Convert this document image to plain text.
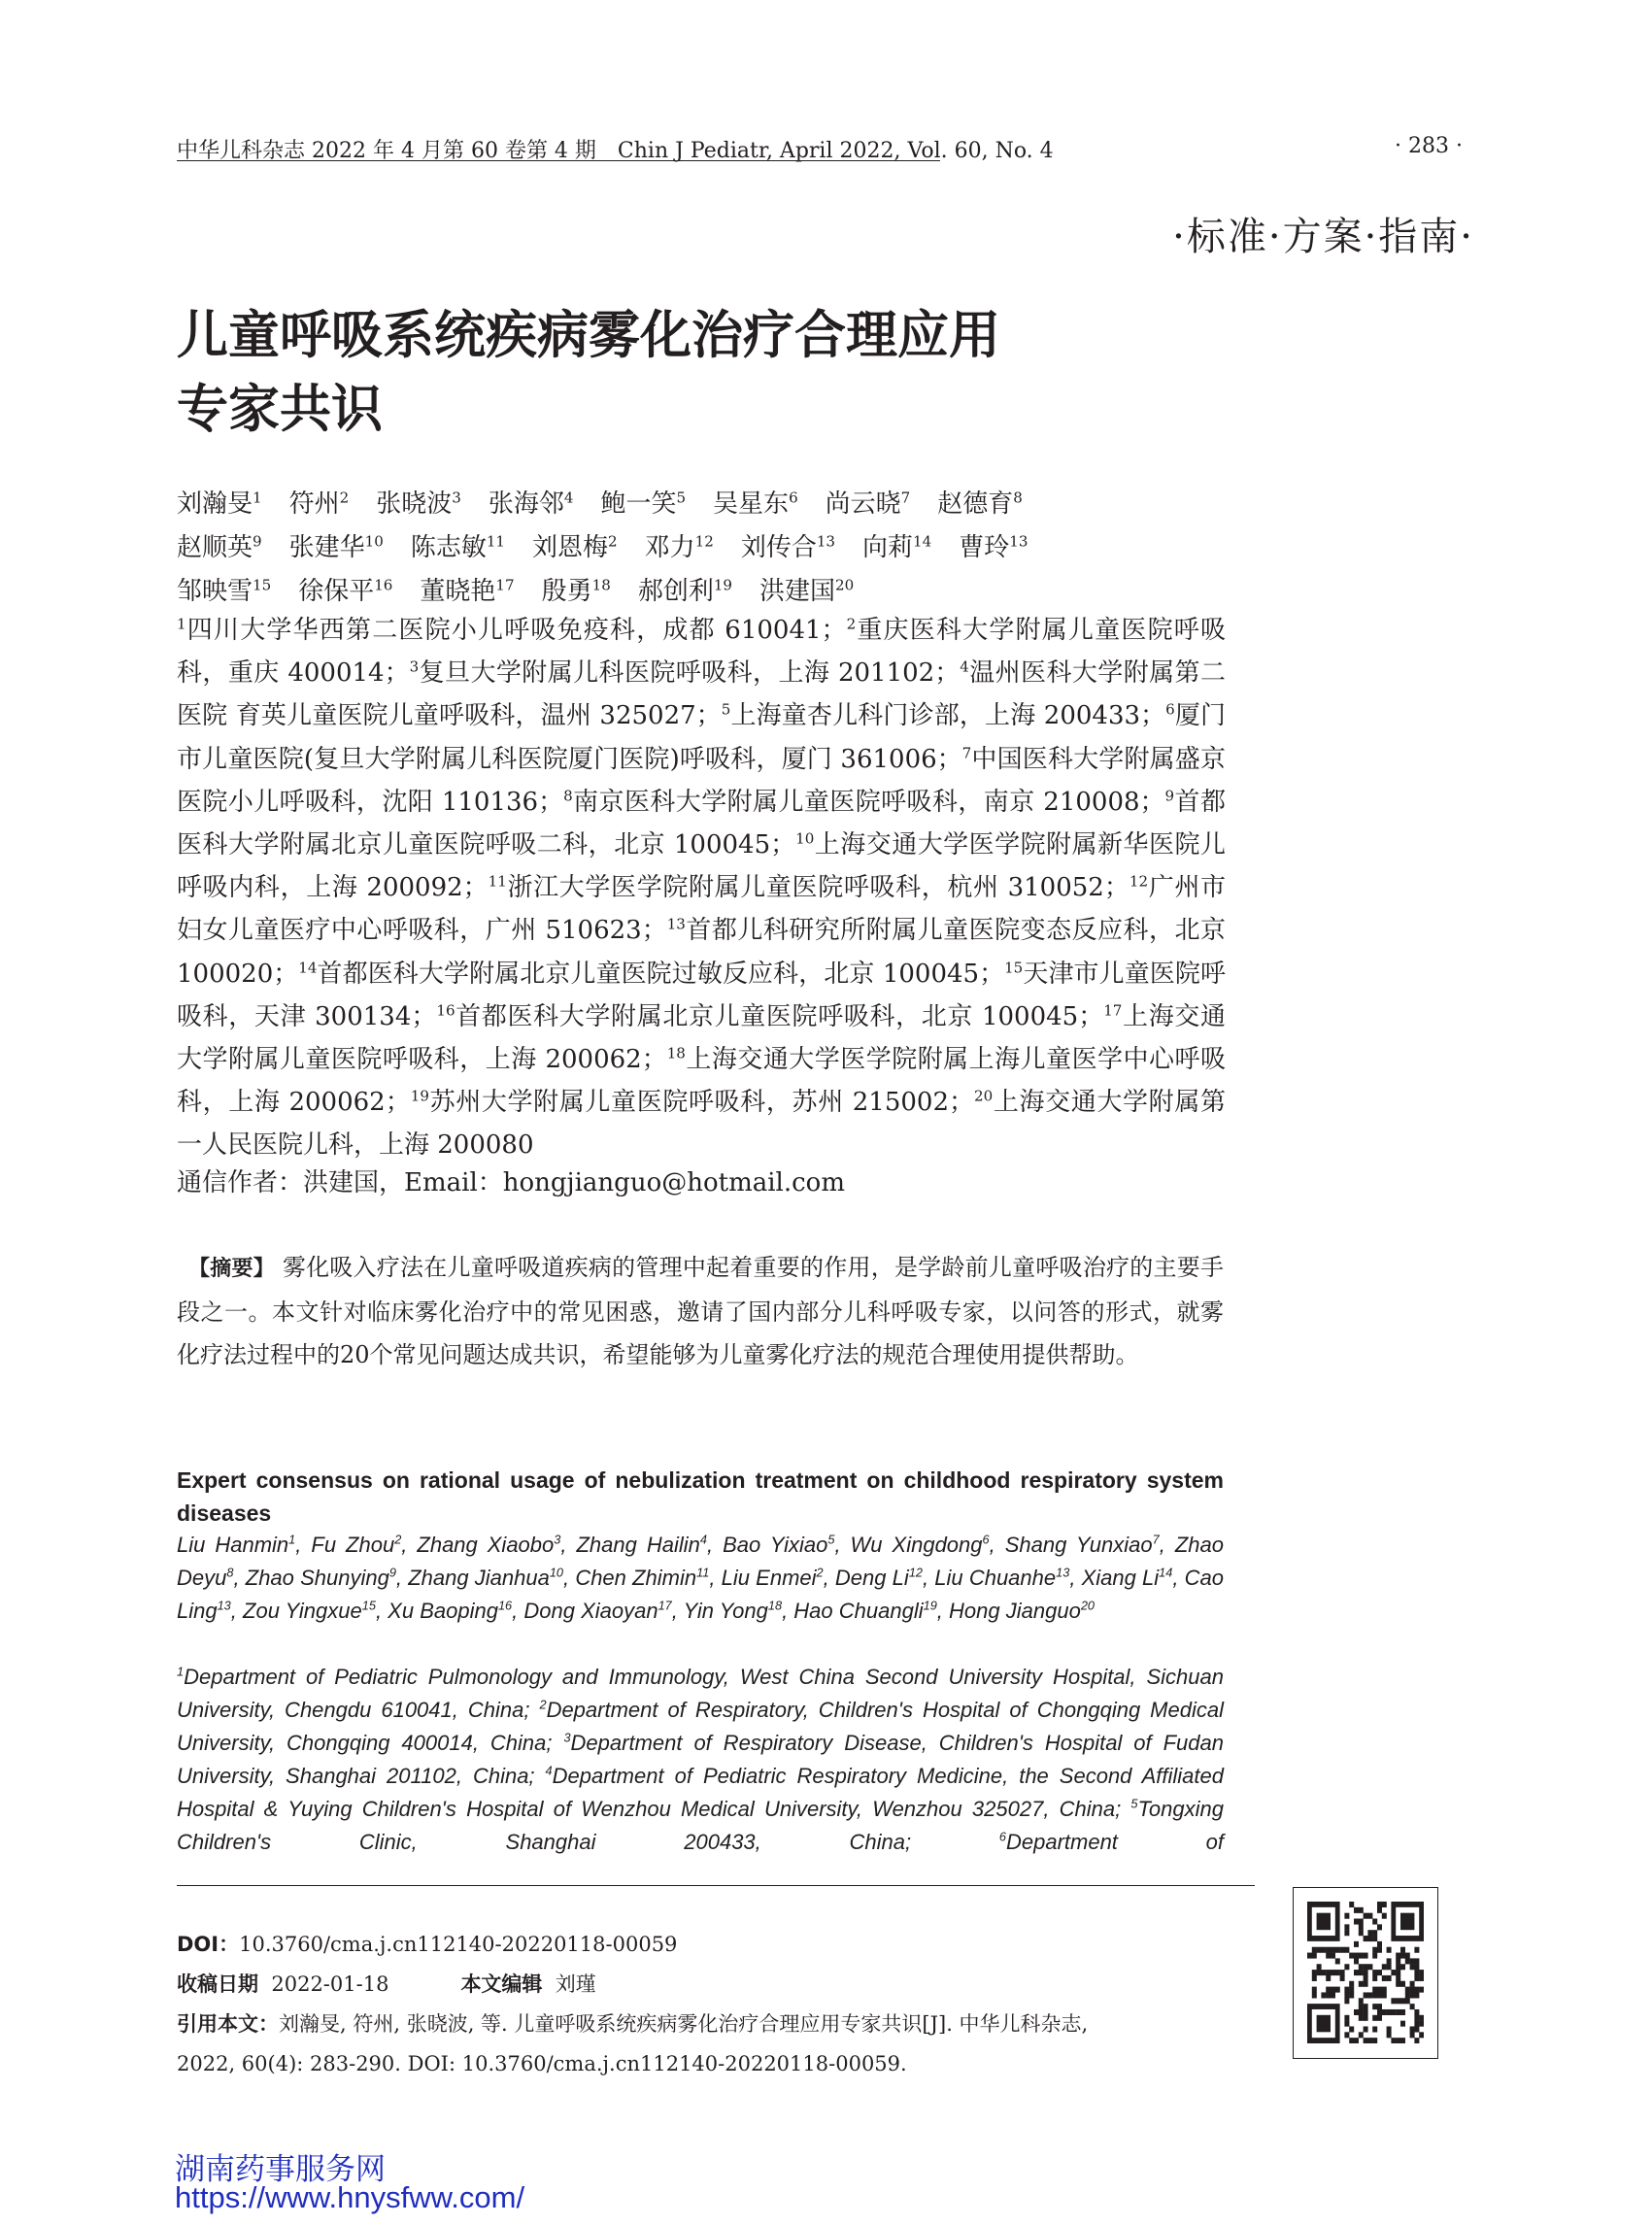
中华儿科杂志 2022 年 4 月第 60 卷第 4 期　Chin J Pediatr, April 2022, Vol. 60, No. 4	· 283 ·
·标准·方案·指南·
儿童呼吸系统疾病雾化治疗合理应用
专家共识
刘瀚旻$^1$ 符州$^2$ 张晓波$^3$ 张海邻$^4$ 鲍一笑$^5$ 吴星东$^6$ 尚云晓$^7$ 赵德育$^8$
赵顺英$^9$ 张建华$^{10}$ 陈志敏$^{11}$ 刘恩梅$^2$ 邓力$^{12}$ 刘传合$^{13}$ 向莉$^{14}$ 曹玲$^{13}$
邹映雪$^{15}$ 徐保平$^{16}$ 董晓艳$^{17}$ 殷勇$^{18}$ 郝创利$^{19}$ 洪建国$^{20}$
$^1$四川大学华西第二医院小儿呼吸免疫科，成都 610041；$^2$重庆医科大学附属儿童医院呼吸科，重庆 400014；$^3$复旦大学附属儿科医院呼吸科，上海 201102；$^4$温州医科大学附属第二医院 育英儿童医院儿童呼吸科，温州 325027；$^5$上海童杏儿科门诊部，上海 200433；$^6$厦门市儿童医院(复旦大学附属儿科医院厦门医院)呼吸科，厦门 361006；$^7$中国医科大学附属盛京医院小儿呼吸科，沈阳 110136；$^8$南京医科大学附属儿童医院呼吸科，南京 210008；$^9$首都医科大学附属北京儿童医院呼吸二科，北京 100045；$^{10}$上海交通大学医学院附属新华医院儿呼吸内科，上海 200092；$^{11}$浙江大学医学院附属儿童医院呼吸科，杭州 310052；$^{12}$广州市妇女儿童医疗中心呼吸科，广州 510623；$^{13}$首都儿科研究所附属儿童医院变态反应科，北京 100020；$^{14}$首都医科大学附属北京儿童医院过敏反应科，北京 100045；$^{15}$天津市儿童医院呼吸科，天津 300134；$^{16}$首都医科大学附属北京儿童医院呼吸科，北京 100045；$^{17}$上海交通大学附属儿童医院呼吸科，上海 200062；$^{18}$上海交通大学医学院附属上海儿童医学中心呼吸科，上海 200062；$^{19}$苏州大学附属儿童医院呼吸科，苏州 215002；$^{20}$上海交通大学附属第一人民医院儿科，上海 200080
通信作者：洪建国，Email：hongjianguo@hotmail.com
【摘要】 雾化吸入疗法在儿童呼吸道疾病的管理中起着重要的作用，是学龄前儿童呼吸治疗的主要手段之一。本文针对临床雾化治疗中的常见困惑，邀请了国内部分儿科呼吸专家，以问答的形式，就雾化疗法过程中的20个常见问题达成共识，希望能够为儿童雾化疗法的规范合理使用提供帮助。
Expert consensus on rational usage of nebulization treatment on childhood respiratory system diseases
Liu Hanmin$^1$, Fu Zhou$^2$, Zhang Xiaobo$^3$, Zhang Hailin$^4$, Bao Yixiao$^5$, Wu Xingdong$^6$, Shang Yunxiao$^7$, Zhao Deyu$^8$, Zhao Shunying$^9$, Zhang Jianhua$^{10}$, Chen Zhimin$^{11}$, Liu Enmei$^2$, Deng Li$^{12}$, Liu Chuanhe$^{13}$, Xiang Li$^{14}$, Cao Ling$^{13}$, Zou Yingxue$^{15}$, Xu Baoping$^{16}$, Dong Xiaoyan$^{17}$, Yin Yong$^{18}$, Hao Chuangli$^{19}$, Hong Jianguo$^{20}$
$^1$Department of Pediatric Pulmonology and Immunology, West China Second University Hospital, Sichuan University, Chengdu 610041, China; $^2$Department of Respiratory, Children's Hospital of Chongqing Medical University, Chongqing 400014, China; $^3$Department of Respiratory Disease, Children's Hospital of Fudan University, Shanghai 201102, China; $^4$Department of Pediatric Respiratory Medicine, the Second Affiliated Hospital & Yuying Children's Hospital of Wenzhou Medical University, Wenzhou 325027, China; $^5$Tongxing Children's Clinic, Shanghai 200433, China; $^6$Department of
DOI：10.3760/cma.j.cn112140-20220118-00059
收稿日期 2022-01-18	本文编辑 刘瑾
引用本文：刘瀚旻, 符州, 张晓波, 等. 儿童呼吸系统疾病雾化治疗合理应用专家共识[J]. 中华儿科杂志,
2022, 60(4): 283-290. DOI: 10.3760/cma.j.cn112140-20220118-00059.
湖南药事服务网
https://www.hnysfww.com/
